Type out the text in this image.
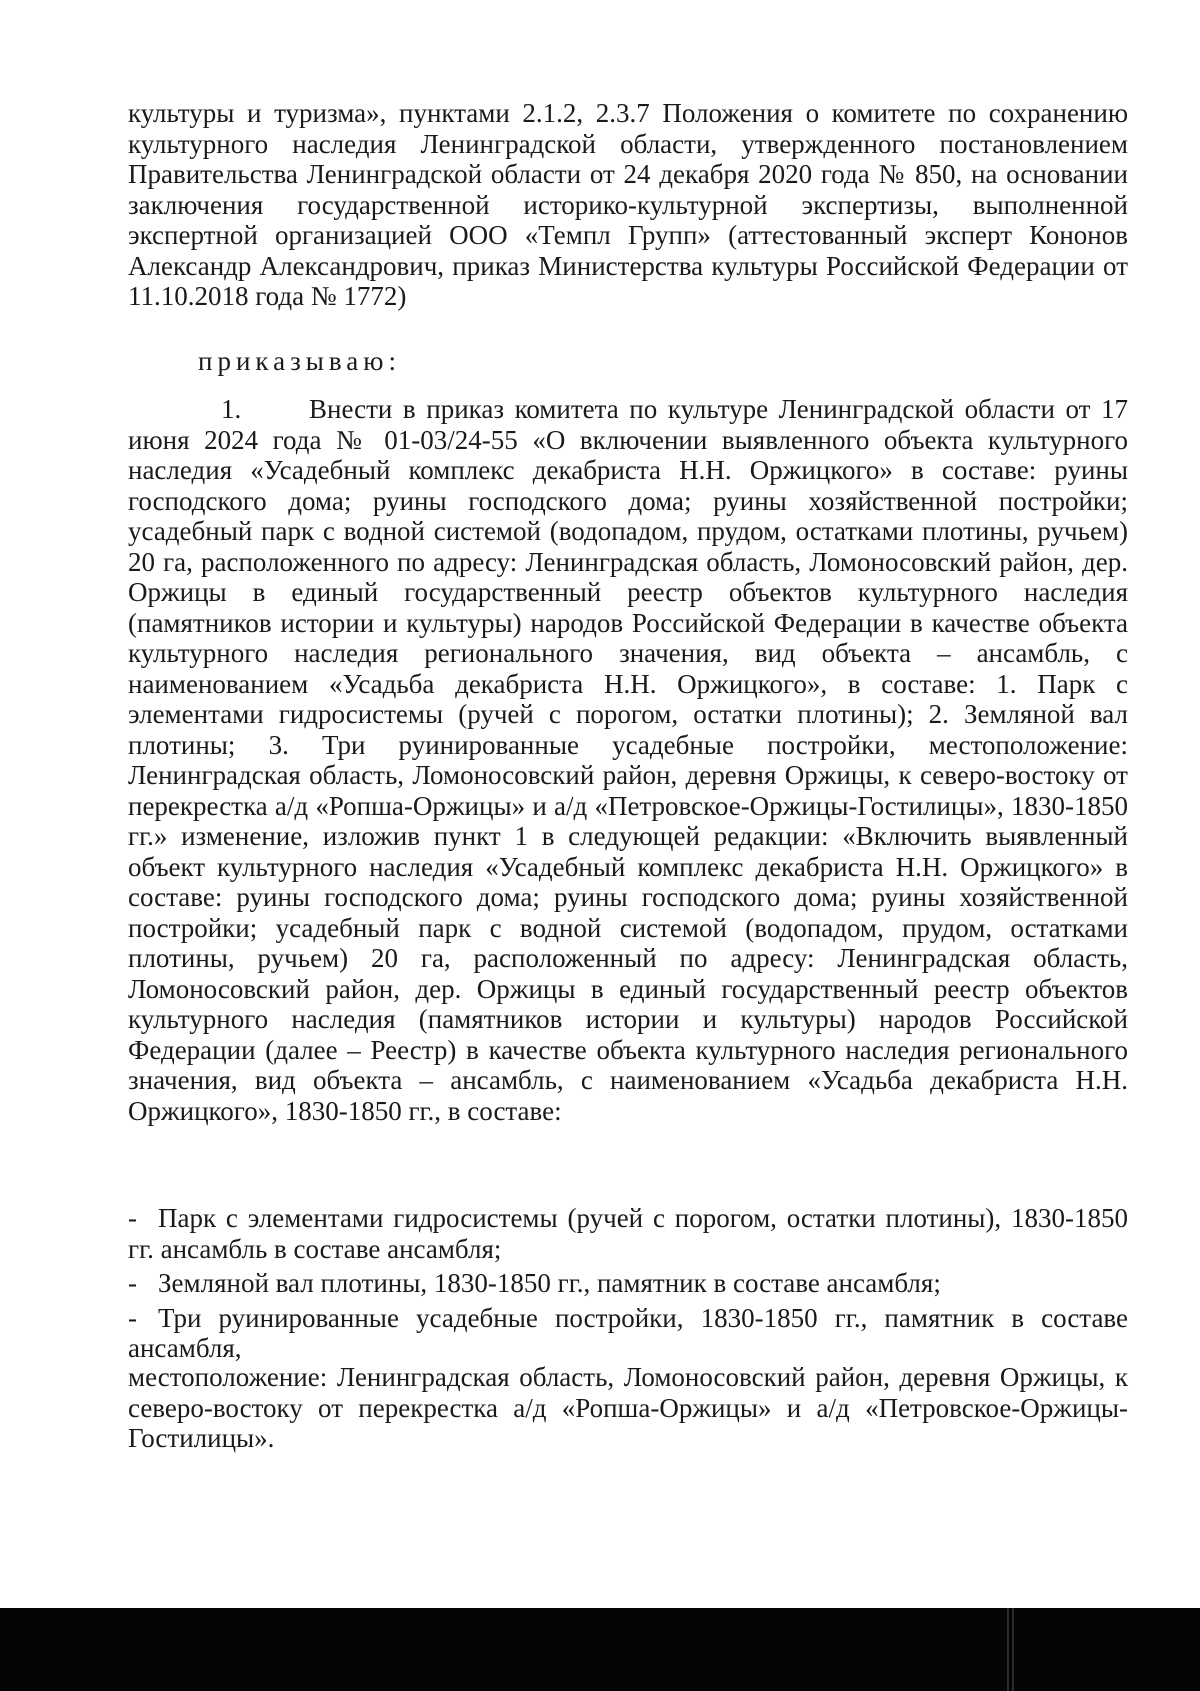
культуры и туризма», пунктами 2.1.2, 2.3.7 Положения о комитете по сохранению культурного наследия Ленинградской области, утвержденного постановлением Правительства Ленинградской области от 24 декабря 2020 года № 850, на основании заключения государственной историко-культурной экспертизы, выполненной экспертной организацией ООО «Темпл Групп» (аттестованный эксперт Кононов Александр Александрович, приказ Министерства культуры Российской Федерации от 11.10.2018 года № 1772)

приказываю:

1.	Внести в приказ комитета по культуре Ленинградской области от 17 июня 2024 года № 01-03/24-55 «О включении выявленного объекта культурного наследия «Усадебный комплекс декабриста Н.Н. Оржицкого» в составе: руины господского дома; руины господского дома; руины хозяйственной постройки; усадебный парк с водной системой (водопадом, прудом, остатками плотины, ручьем) 20 га, расположенного по адресу: Ленинградская область, Ломоносовский район, дер. Оржицы в единый государственный реестр объектов культурного наследия (памятников истории и культуры) народов Российской Федерации в качестве объекта культурного наследия регионального значения, вид объекта – ансамбль, с наименованием «Усадьба декабриста Н.Н. Оржицкого», в составе: 1. Парк с элементами гидросистемы (ручей с порогом, остатки плотины); 2. Земляной вал плотины; 3. Три руинированные усадебные постройки, местоположение: Ленинградская область, Ломоносовский район, деревня Оржицы, к северо-востоку от перекрестка а/д «Ропша-Оржицы» и а/д «Петровское-Оржицы-Гостилицы», 1830-1850 гг.» изменение, изложив пункт 1 в следующей редакции: «Включить выявленный объект культурного наследия «Усадебный комплекс декабриста Н.Н. Оржицкого» в составе: руины господского дома; руины господского дома; руины хозяйственной постройки; усадебный парк с водной системой (водопадом, прудом, остатками плотины, ручьем) 20 га, расположенный по адресу: Ленинградская область, Ломоносовский район, дер. Оржицы в единый государственный реестр объектов культурного наследия (памятников истории и культуры) народов Российской Федерации (далее – Реестр) в качестве объекта культурного наследия регионального значения, вид объекта – ансамбль, с наименованием «Усадьба декабриста Н.Н. Оржицкого», 1830-1850 гг., в составе:

- Парк с элементами гидросистемы (ручей с порогом, остатки плотины), 1830-1850 гг. ансамбль в составе ансамбля;
- Земляной вал плотины, 1830-1850 гг., памятник в составе ансамбля;
- Три руинированные усадебные постройки, 1830-1850 гг., памятник в составе ансамбля,

местоположение: Ленинградская область, Ломоносовский район, деревня Оржицы, к северо-востоку от перекрестка а/д «Ропша-Оржицы» и а/д «Петровское-Оржицы-Гостилицы».
